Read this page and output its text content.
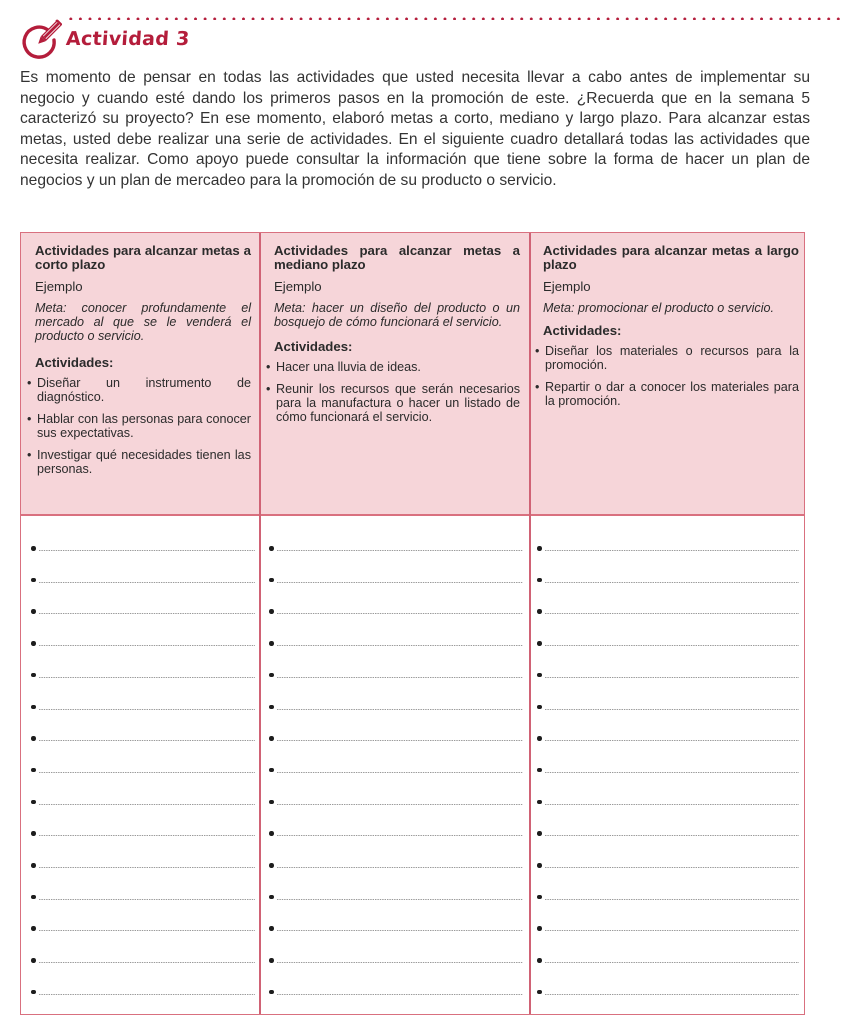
Actividad 3

Es momento de pensar en todas las actividades que usted necesita llevar a cabo antes de implementar su negocio y cuando esté dando los primeros pasos en la promoción de este. ¿Recuerda que en la semana 5 caracterizó su proyecto? En ese momento, elaboró metas a corto, mediano y largo plazo. Para alcanzar estas metas, usted debe realizar una serie de actividades. En el siguiente cuadro detallará todas las actividades que necesita realizar. Como apoyo puede consultar la información que tiene sobre la forma de hacer un plan de negocios y un plan de mercadeo para la promoción de su producto o servicio.

Actividades para alcanzar metas a corto plazo
Ejemplo
Meta: conocer profundamente el mercado al que se le venderá el producto o servicio.
Actividades:
• Diseñar un instrumento de diagnóstico.
• Hablar con las personas para conocer sus expectativas.
• Investigar qué necesidades tienen las personas.
Actividades para alcanzar metas a mediano plazo
Ejemplo
Meta: hacer un diseño del producto o un bosquejo de cómo funcionará el servicio.
Actividades:
• Hacer una lluvia de ideas.
• Reunir los recursos que serán necesarios para la manufactura o hacer un listado de cómo funcionará el servicio.
Actividades para alcanzar metas a largo plazo
Ejemplo
Meta: promocionar el producto o servicio.
Actividades:
• Diseñar los materiales o recursos para la promoción.
• Repartir o dar a conocer los materiales para la promoción.
